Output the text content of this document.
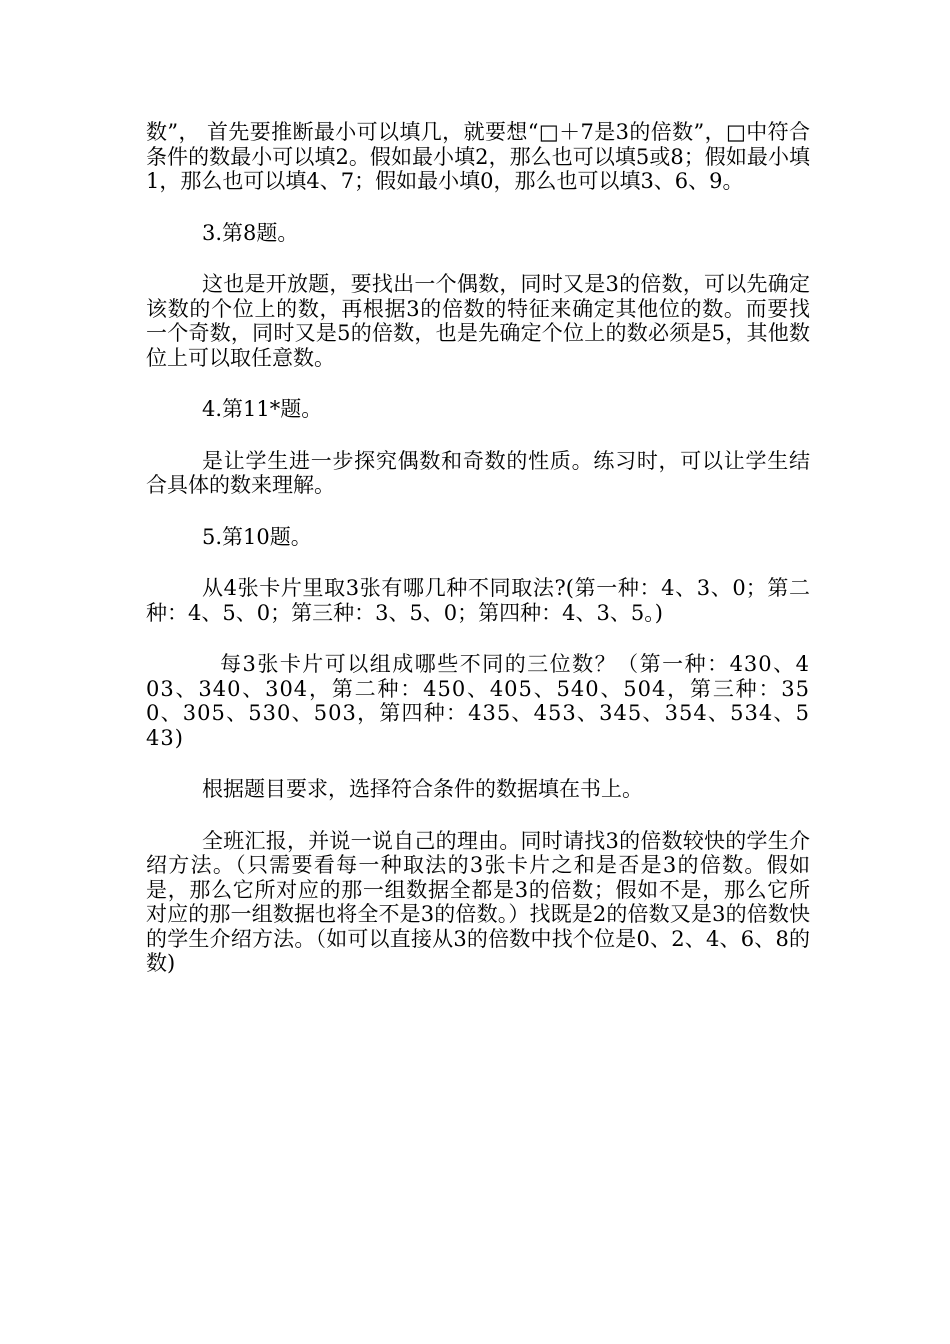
数”， 首先要推断最小可以填几，就要想“□＋7是3的倍数”，□中符合条件的数最小可以填2。假如最小填2，那么也可以填5或8；假如最小填1，那么也可以填4、7；假如最小填0，那么也可以填3、6、9。

3.第8题。

这也是开放题，要找出一个偶数，同时又是3的倍数，可以先确定该数的个位上的数，再根据3的倍数的特征来确定其他位的数。而要找一个奇数，同时又是5的倍数，也是先确定个位上的数必须是5，其他数位上可以取任意数。

4.第11*题。

是让学生进一步探究偶数和奇数的性质。练习时，可以让学生结合具体的数来理解。

5.第10题。

从4张卡片里取3张有哪几种不同取法?(第一种：4、3、0；第二种：4、5、0；第三种：3、5、0；第四种：4、3、5。)

每3张卡片可以组成哪些不同的三位数？（第一种：430、403、340、304，第二种：450、405、540、504，第三种：350、305、530、503，第四种：435、453、345、354、534、543)

根据题目要求，选择符合条件的数据填在书上。

全班汇报，并说一说自己的理由。同时请找3的倍数较快的学生介绍方法。（只需要看每一种取法的3张卡片之和是否是3的倍数。假如是，那么它所对应的那一组数据全都是3的倍数；假如不是，那么它所对应的那一组数据也将全不是3的倍数。）找既是2的倍数又是3的倍数快的学生介绍方法。（如可以直接从3的倍数中找个位是0、2、4、6、8的数)
